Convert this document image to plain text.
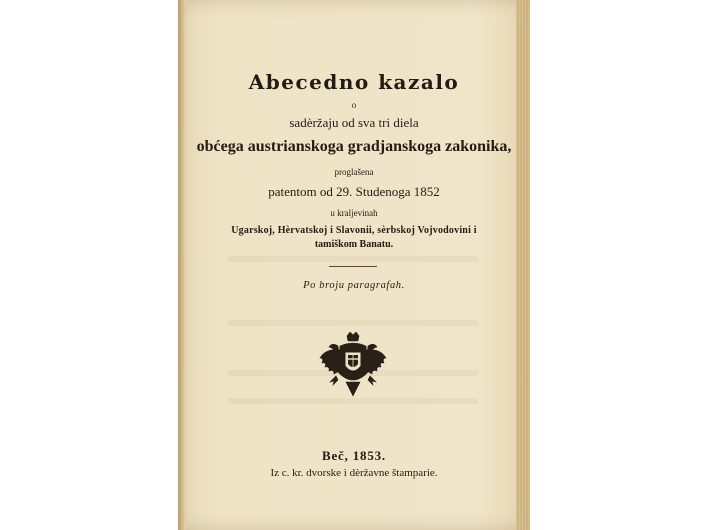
Abecedno kazalo
o
sadèržaju od sva tri diela
obćega austrianskoga gradjanskoga zakonika,
proglašena
patentom od 29. Studenoga 1852
u kraljevinah
Ugarskoj, Hèrvatskoj i Slavonii, sèrbskoj Vojvodovini i
tamiškom Banatu.
Po broju paragrafah.
Beč, 1853.
Iz c. kr. dvorske i dèržavne štamparie.
